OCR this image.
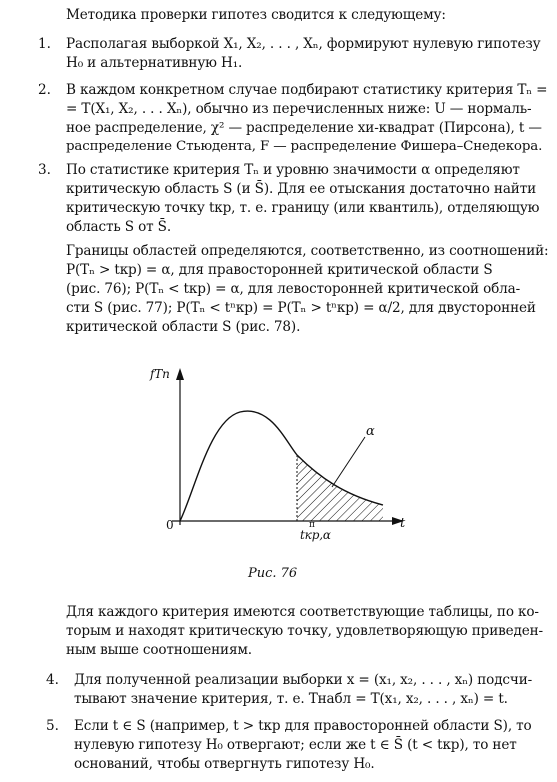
Методика проверки гипотез сводится к следующему:
1. Располагая выборкой X₁, X₂, . . . , Xₙ, формируют нулевую гипотезу
H₀ и альтернативную H₁.
2. В каждом конкретном случае подбирают статистику критерия Tₙ =
= T(X₁, X₂, . . . Xₙ), обычно из перечисленных ниже: U — нормаль-
ное распределение, χ² — распределение хи-квадрат (Пирсона), t —
распределение Стьюдента, F — распределение Фишера–Снедекора.
3. По статистике критерия Tₙ и уровню значимости α определяют
критическую область S (и S̄). Для ее отыскания достаточно найти
критическую точку tкр, т. е. границу (или квантиль), отделяющую
область S от S̄.
Границы областей определяются, соответственно, из соотношений:
P(Tₙ > tкр) = α, для правосторонней критической области S
(рис. 76); P(Tₙ < tкр) = α, для левосторонней критической обла-
сти S (рис. 77); P(Tₙ < tⁿкр) = P(Tₙ > tⁿкр) = α/2, для двусторонней
критической области S (рис. 78).
fTn
t
0
α
п
tкр,α
Рис. 76
Для каждого критерия имеются соответствующие таблицы, по ко-
торым и находят критическую точку, удовлетворяющую приведен-
ным выше соотношениям.
4. Для полученной реализации выборки x = (x₁, x₂, . . . , xₙ) подсчи-
тывают значение критерия, т. е. Tнабл = T(x₁, x₂, . . . , xₙ) = t.
5. Если t ∈ S (например, t > tкр для правосторонней области S), то
нулевую гипотезу H₀ отвергают; если же t ∈ S̄ (t < tкр), то нет
оснований, чтобы отвергнуть гипотезу H₀.
